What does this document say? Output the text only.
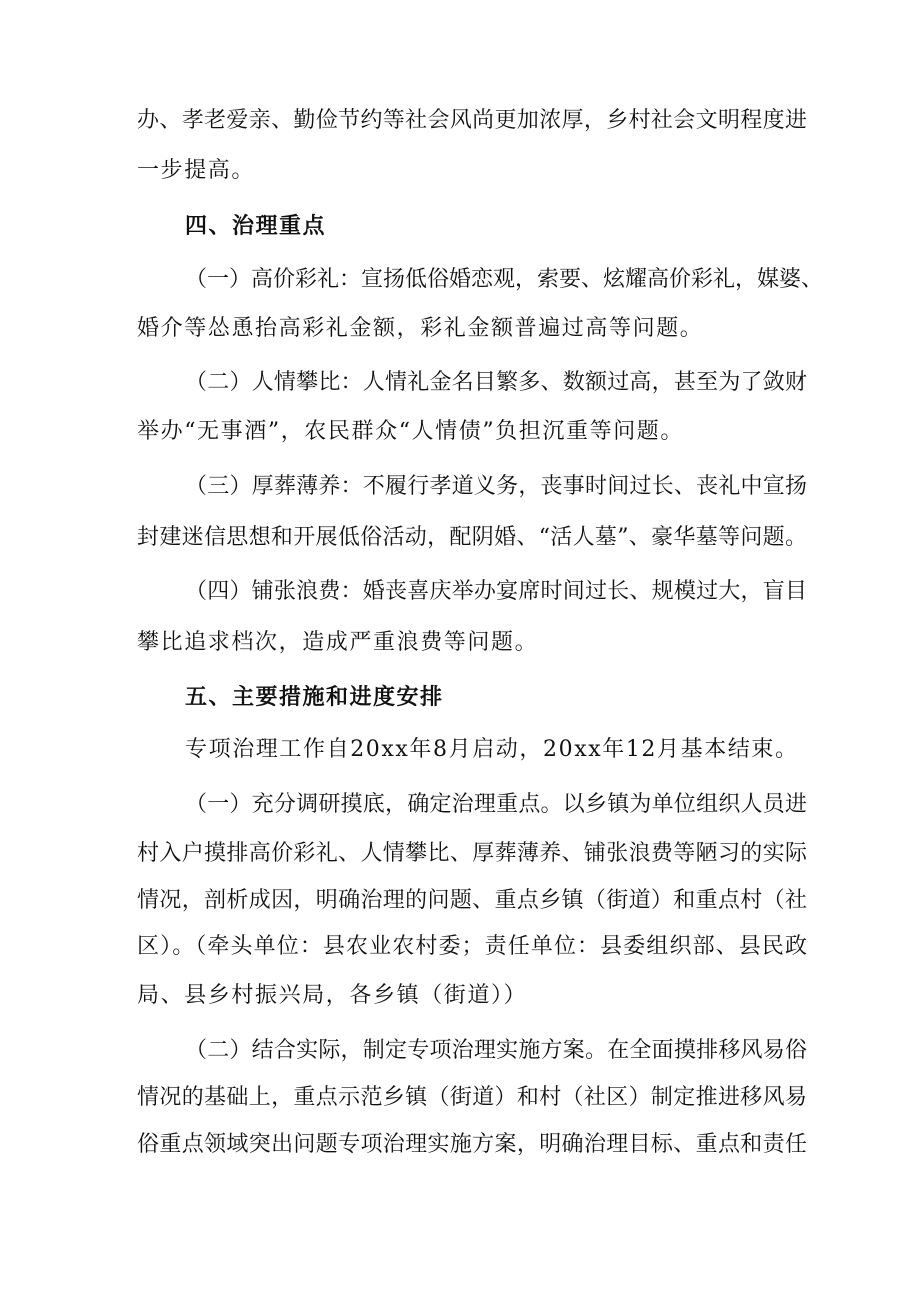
办、孝老爱亲、勤俭节约等社会风尚更加浓厚，乡村社会文明程度进
一步提高。
四、治理重点
（一）高价彩礼：宣扬低俗婚恋观，索要、炫耀高价彩礼，媒婆、
婚介等怂恿抬高彩礼金额，彩礼金额普遍过高等问题。
（二）人情攀比：人情礼金名目繁多、数额过高，甚至为了敛财
举办“无事酒”，农民群众“人情债”负担沉重等问题。
（三）厚葬薄养：不履行孝道义务，丧事时间过长、丧礼中宣扬
封建迷信思想和开展低俗活动，配阴婚、“活人墓”、豪华墓等问题。
（四）铺张浪费：婚丧喜庆举办宴席时间过长、规模过大，盲目
攀比追求档次，造成严重浪费等问题。
五、主要措施和进度安排
专项治理工作自20xx年8月启动，20xx年12月基本结束。
（一）充分调研摸底，确定治理重点。以乡镇为单位组织人员进
村入户摸排高价彩礼、人情攀比、厚葬薄养、铺张浪费等陋习的实际
情况，剖析成因，明确治理的问题、重点乡镇（街道）和重点村（社
区）。（牵头单位：县农业农村委；责任单位：县委组织部、县民政
局、县乡村振兴局，各乡镇（街道））
（二）结合实际，制定专项治理实施方案。在全面摸排移风易俗
情况的基础上，重点示范乡镇（街道）和村（社区）制定推进移风易
俗重点领域突出问题专项治理实施方案，明确治理目标、重点和责任
